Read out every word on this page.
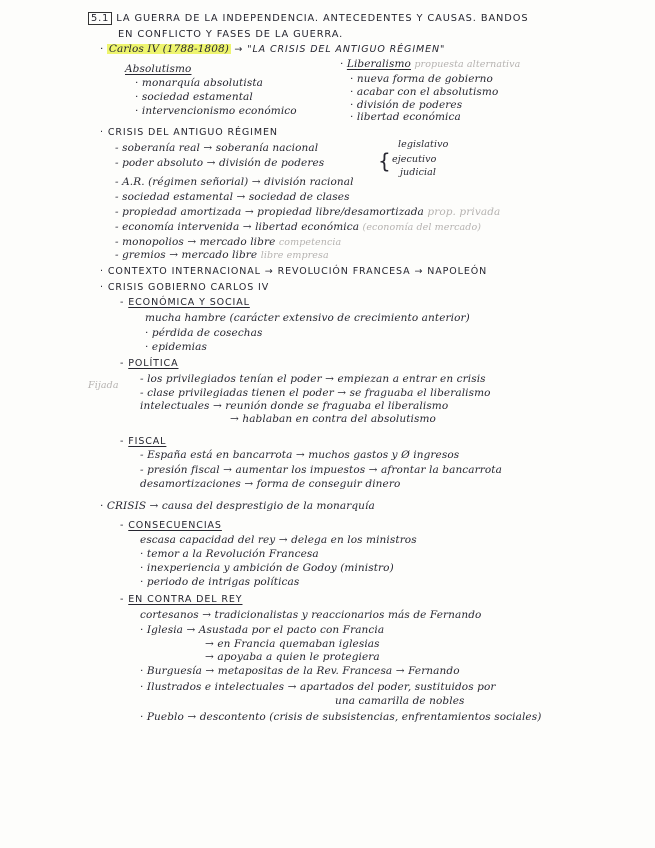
5.1 LA GUERRA DE LA INDEPENDENCIA. ANTECEDENTES Y CAUSAS. BANDOS
EN CONFLICTO Y FASES DE LA GUERRA.
· Carlos IV (1788-1808) → "LA CRISIS DEL ANTIGUO RÉGIMEN"
Absolutismo
· monarquía absolutista
· sociedad estamental
· intervencionismo económico
· Liberalismo propuesta alternativa
· nueva forma de gobierno
· acabar con el absolutismo
· división de poderes
· libertad económica
· CRISIS DEL ANTIGUO RÉGIMEN
- soberanía real → soberanía nacional	legislativo
- poder absoluto → división de poderes	{ ejecutivo
judicial
- A.R. (régimen señorial) → división racional
- sociedad estamental → sociedad de clases
- propiedad amortizada → propiedad libre/desamortizada prop. privada
- economía intervenida → libertad económica (economía del mercado)
- monopolios → mercado libre competencia
- gremios → mercado libre libre empresa
· CONTEXTO INTERNACIONAL → REVOLUCIÓN FRANCESA → NAPOLEÓN
· CRISIS GOBIERNO CARLOS IV
- ECONÓMICA Y SOCIAL
mucha hambre (carácter extensivo de crecimiento anterior)
· pérdida de cosechas
· epidemias
- POLÍTICA
Fijada
- los privilegiados tenían el poder → empiezan a entrar en crisis
- clase privilegiadas tienen el poder → se fraguaba el liberalismo
intelectuales → reunión donde se fraguaba el liberalismo
→ hablaban en contra del absolutismo
- FISCAL
- España está en bancarrota → muchos gastos y Ø ingresos
- presión fiscal → aumentar los impuestos → afrontar la bancarrota
desamortizaciones → forma de conseguir dinero
· CRISIS → causa del desprestigio de la monarquía
- CONSECUENCIAS
escasa capacidad del rey → delega en los ministros
· temor a la Revolución Francesa
· inexperiencia y ambición de Godoy (ministro)
· periodo de intrigas políticas
- EN CONTRA DEL REY
cortesanos → tradicionalistas y reaccionarios más de Fernando
· Iglesia → Asustada por el pacto con Francia
→ en Francia quemaban iglesias
→ apoyaba a quien le protegiera
· Burguesía → metapositas de la Rev. Francesa → Fernando
· Ilustrados e intelectuales → apartados del poder, sustituidos por
una camarilla de nobles
· Pueblo → descontento (crisis de subsistencias, enfrentamientos sociales)
